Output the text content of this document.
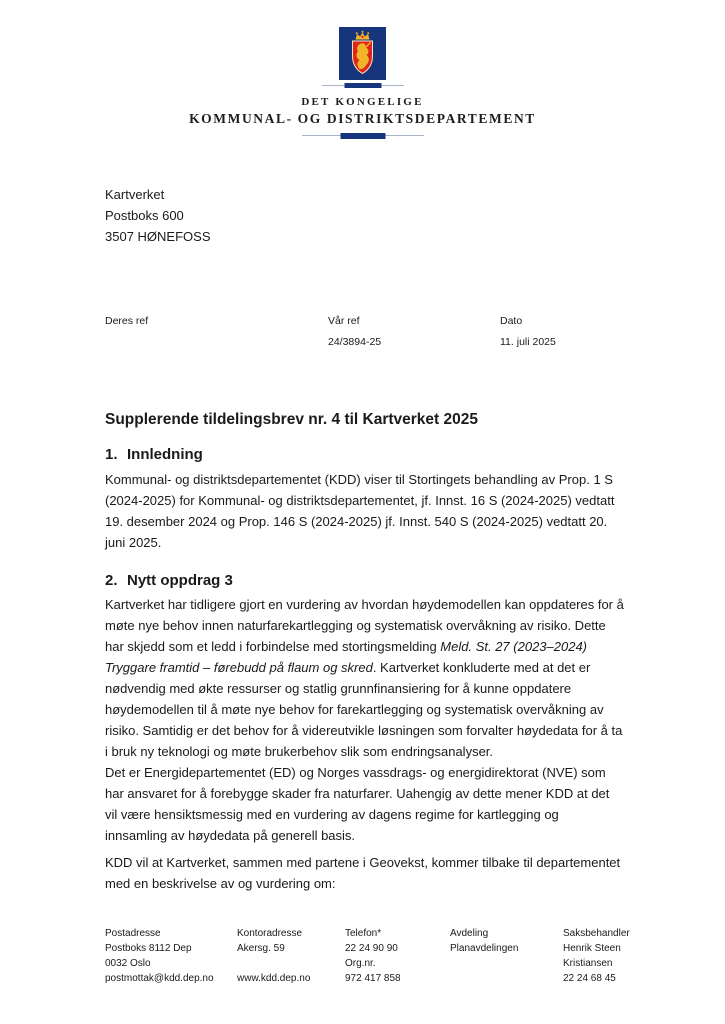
DET KONGELIGE
KOMMUNAL- OG DISTRIKTSDEPARTEMENT
Kartverket
Postboks 600
3507 HØNEFOSS
Deres ref	Vår ref
24/3894-25
Dato
11. juli 2025
Supplerende tildelingsbrev nr. 4 til Kartverket 2025
1. Innledning

Kommunal- og distriktsdepartementet (KDD) viser til Stortingets behandling av Prop. 1 S (2024-2025) for Kommunal- og distriktsdepartementet, jf. Innst. 16 S (2024-2025) vedtatt 19. desember 2024 og Prop. 146 S (2024-2025) jf. Innst. 540 S (2024-2025) vedtatt 20. juni 2025.

2. Nytt oppdrag 3

Kartverket har tidligere gjort en vurdering av hvordan høydemodellen kan oppdateres for å møte nye behov innen naturfarekartlegging og systematisk overvåkning av risiko. Dette har skjedd som et ledd i forbindelse med stortingsmelding Meld. St. 27 (2023–2024) Tryggare framtid – førebudd på flaum og skred. Kartverket konkluderte med at det er nødvendig med økte ressurser og statlig grunnfinansiering for å kunne oppdatere høydemodellen til å møte nye behov for farekartlegging og systematisk overvåkning av risiko. Samtidig er det behov for å videreutvikle løsningen som forvalter høydedata for å ta i bruk ny teknologi og møte brukerbehov slik som endringsanalyser.

Det er Energidepartementet (ED) og Norges vassdrags- og energidirektorat (NVE) som har ansvaret for å forebygge skader fra naturfarer. Uahengig av dette mener KDD at det vil være hensiktsmessig med en vurdering av dagens regime for kartlegging og innsamling av høydedata på generell basis.

KDD vil at Kartverket, sammen med partene i Geovekst, kommer tilbake til departementet med en beskrivelse av og vurdering om:

Postadresse
Postboks 8112 Dep
0032 Oslo
postmottak@kdd.dep.no
Kontoradresse
Akersg. 59
www.kdd.dep.no
Telefon*
22 24 90 90
Org.nr.
972 417 858
Avdeling
Planavdelingen
Saksbehandler
Henrik Steen
Kristiansen
22 24 68 45
